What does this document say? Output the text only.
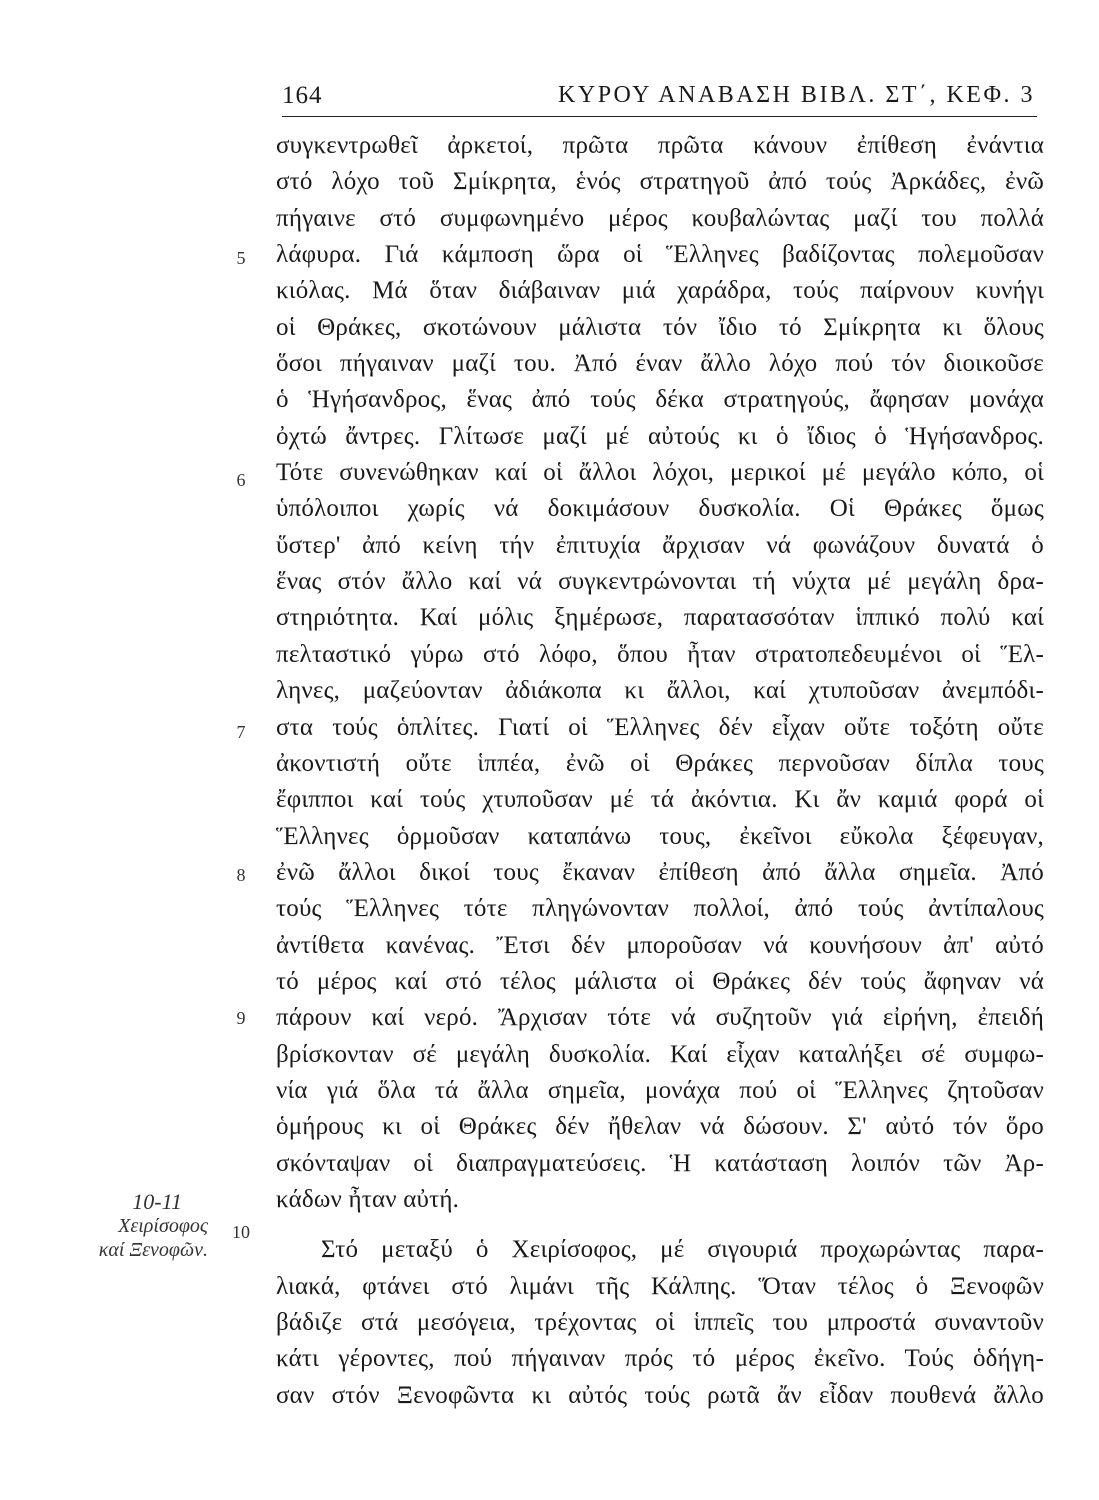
164	ΚΥΡΟΥ ΑΝΑΒΑΣΗ ΒΙΒΛ. ΣΤ΄, ΚΕΦ. 3
5
6
7
8
9
10
10-11
Χειρίσοφος
καί Ξενοφῶν.
συγκεντρωθεῖ ἀρκετοί, πρῶτα πρῶτα κάνουν ἐπίθεση ἐνάντια
στό λόχο τοῦ Σμίκρητα, ἑνός στρατηγοῦ ἀπό τούς Ἀρκάδες, ἐνῶ
πήγαινε στό συμφωνημένο μέρος κουβαλώντας μαζί του πολλά
λάφυρα. Γιά κάμποση ὥρα οἱ Ἕλληνες βαδίζοντας πολεμοῦσαν
κιόλας. Μά ὅταν διάβαιναν μιά χαράδρα, τούς παίρνουν κυνήγι
οἱ Θράκες, σκοτώνουν μάλιστα τόν ἴδιο τό Σμίκρητα κι ὅλους
ὅσοι πήγαιναν μαζί του. Ἀπό έναν ἄλλο λόχο πού τόν διοικοῦσε
ὁ Ἡγήσανδρος, ἕνας ἀπό τούς δέκα στρατηγούς, ἄφησαν μονάχα
ὀχτώ ἄντρες. Γλίτωσε μαζί μέ αὐτούς κι ὁ ἴδιος ὁ Ἡγήσανδρος.
Τότε συνενώθηκαν καί οἱ ἄλλοι λόχοι, μερικοί μέ μεγάλο κόπο, οἱ
ὑπόλοιποι χωρίς νά δοκιμάσουν δυσκολία. Οἱ Θράκες ὅμως
ὕστερ' ἀπό κείνη τήν ἐπιτυχία ἄρχισαν νά φωνάζουν δυνατά ὁ
ἕνας στόν ἄλλο καί νά συγκεντρώνονται τή νύχτα μέ μεγάλη δρα-
στηριότητα. Καί μόλις ξημέρωσε, παρατασσόταν ἱππικό πολύ καί
πελταστικό γύρω στό λόφο, ὅπου ἦταν στρατοπεδευμένοι οἱ Ἕλ-
ληνες, μαζεύονταν ἀδιάκοπα κι ἄλλοι, καί χτυποῦσαν ἀνεμπόδι-
στα τούς ὁπλίτες. Γιατί οἱ Ἕλληνες δέν εἶχαν οὔτε τοξότη οὔτε
ἀκοντιστή οὔτε ἱππέα, ἐνῶ οἱ Θράκες περνοῦσαν δίπλα τους
ἔφιπποι καί τούς χτυποῦσαν μέ τά ἀκόντια. Κι ἄν καμιά φορά οἱ
Ἕλληνες ὁρμοῦσαν καταπάνω τους, ἐκεῖνοι εὔκολα ξέφευγαν,
ἐνῶ ἄλλοι δικοί τους ἔκαναν ἐπίθεση ἀπό ἄλλα σημεῖα. Ἀπό
τούς Ἕλληνες τότε πληγώνονταν πολλοί, ἀπό τούς ἀντίπαλους
ἀντίθετα κανένας. Ἔτσι δέν μποροῦσαν νά κουνήσουν ἀπ' αὐτό
τό μέρος καί στό τέλος μάλιστα οἱ Θράκες δέν τούς ἄφηναν νά
πάρουν καί νερό. Ἄρχισαν τότε νά συζητοῦν γιά εἰρήνη, ἐπειδή
βρίσκονταν σέ μεγάλη δυσκολία. Καί εἶχαν καταλήξει σέ συμφω-
νία γιά ὅλα τά ἄλλα σημεῖα, μονάχα πού οἱ Ἕλληνες ζητοῦσαν
ὁμήρους κι οἱ Θράκες δέν ἤθελαν νά δώσουν. Σ' αὐτό τόν ὅρο
σκόνταψαν οἱ διαπραγματεύσεις. Ἡ κατάσταση λοιπόν τῶν Ἀρ-
κάδων ἦταν αὐτή.
Στό μεταξύ ὁ Χειρίσοφος, μέ σιγουριά προχωρώντας παρα-
λιακά, φτάνει στό λιμάνι τῆς Κάλπης. Ὅταν τέλος ὁ Ξενοφῶν
βάδιζε στά μεσόγεια, τρέχοντας οἱ ἱππεῖς του μπροστά συναντοῦν
κάτι γέροντες, πού πήγαιναν πρός τό μέρος ἐκεῖνο. Τούς ὁδήγη-
σαν στόν Ξενοφῶντα κι αὐτός τούς ρωτᾶ ἄν εἶδαν πουθενά ἄλλο
